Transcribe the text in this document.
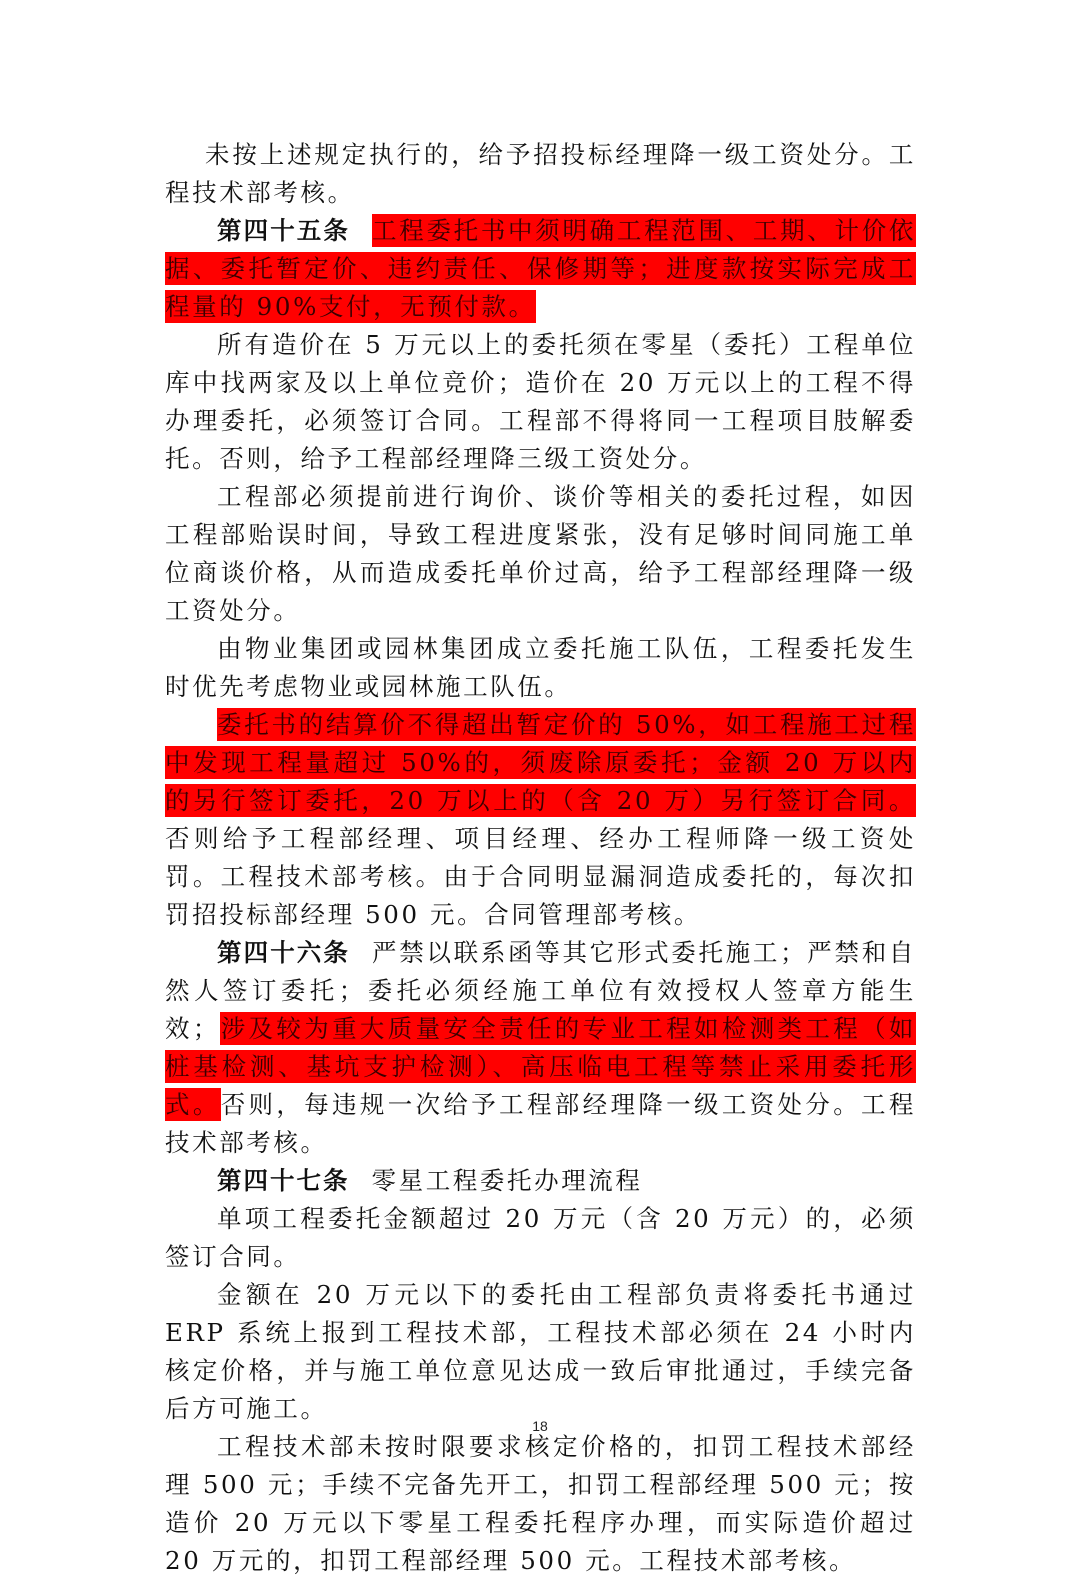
未按上述规定执行的，给予招投标经理降一级工资处分。工程技术部考核。

第四十五条 工程委托书中须明确工程范围、工期、计价依据、委托暂定价、违约责任、保修期等；进度款按实际完成工程量的 90%支付，无预付款。

所有造价在 5 万元以上的委托须在零星（委托）工程单位库中找两家及以上单位竞价；造价在 20 万元以上的工程不得办理委托，必须签订合同。工程部不得将同一工程项目肢解委托。否则，给予工程部经理降三级工资处分。

工程部必须提前进行询价、谈价等相关的委托过程，如因工程部贻误时间，导致工程进度紧张，没有足够时间同施工单位商谈价格，从而造成委托单价过高，给予工程部经理降一级工资处分。

由物业集团或园林集团成立委托施工队伍，工程委托发生时优先考虑物业或园林施工队伍。

委托书的结算价不得超出暂定价的 50%，如工程施工过程中发现工程量超过 50%的，须废除原委托；金额 20 万以内的另行签订委托，20 万以上的（含 20 万）另行签订合同。否则给予工程部经理、项目经理、经办工程师降一级工资处罚。工程技术部考核。由于合同明显漏洞造成委托的，每次扣罚招投标部经理 500 元。合同管理部考核。

第四十六条 严禁以联系函等其它形式委托施工；严禁和自然人签订委托；委托必须经施工单位有效授权人签章方能生效；涉及较为重大质量安全责任的专业工程如检测类工程（如桩基检测、基坑支护检测）、高压临电工程等禁止采用委托形式。否则，每违规一次给予工程部经理降一级工资处分。工程技术部考核。

第四十七条 零星工程委托办理流程

单项工程委托金额超过 20 万元（含 20 万元）的，必须签订合同。

金额在 20 万元以下的委托由工程部负责将委托书通过 ERP 系统上报到工程技术部，工程技术部必须在 24 小时内核定价格，并与施工单位意见达成一致后审批通过，手续完备后方可施工。

工程技术部未按时限要求核定价格的，扣罚工程技术部经理 500 元；手续不完备先开工，扣罚工程部经理 500 元；按造价 20 万元以下零星工程委托程序办理，而实际造价超过 20 万元的，扣罚工程部经理 500 元。工程技术部考核。

18
